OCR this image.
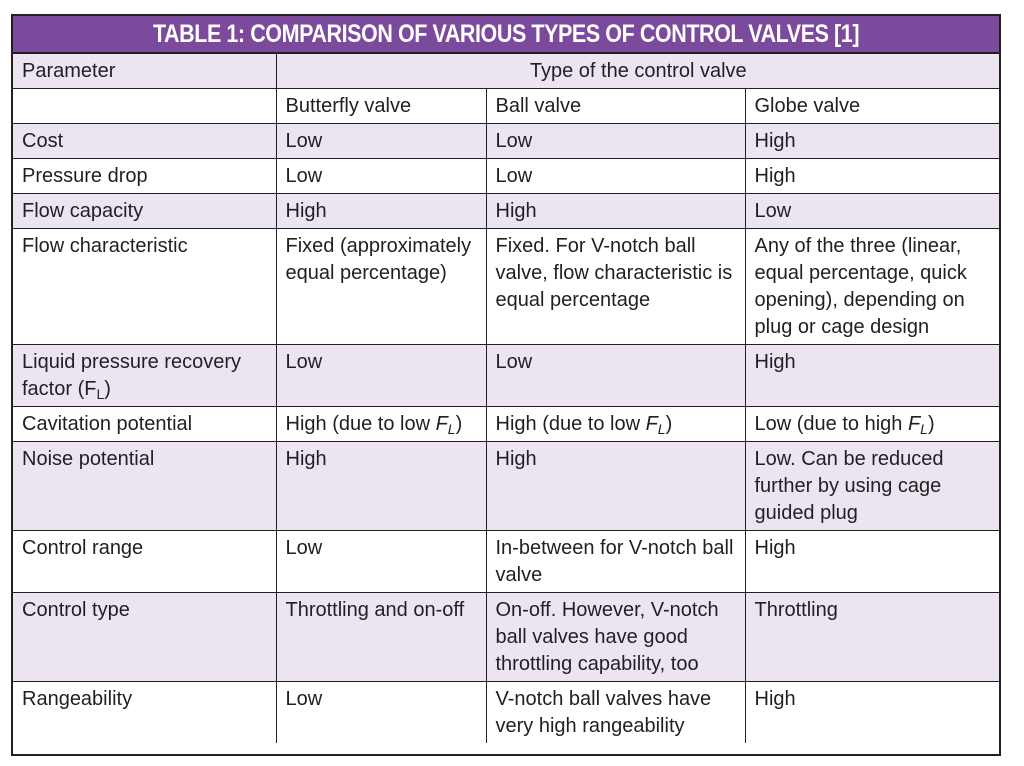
TABLE 1: COMPARISON OF VARIOUS TYPES OF CONTROL VALVES [1]
Parameter	Type of the control valve		
	Butterfly valve	Ball valve	Globe valve
Cost	Low	Low	High
Pressure drop	Low	Low	High
Flow capacity	High	High	Low
Flow characteristic	Fixed (approximately equal percentage)	Fixed. For V-notch ball valve, flow characteristic is equal percentage	Any of the three (linear, equal percentage, quick opening), depending on plug or cage design
Liquid pressure recovery factor $(F_L)$	Low	Low	High
Cavitation potential	High (due to low $F_L$)	High (due to low $F_L$)	Low (due to high $F_L$)
Noise potential	High	High	Low. Can be reduced further by using cage guided plug
Control range	Low	In-between for V-notch ball valve	High
Control type	Throttling and on-off	On-off. However, V-notch ball valves have good throttling capability, too	Throttling
Rangeability	Low	V-notch ball valves have very high rangeability	High
